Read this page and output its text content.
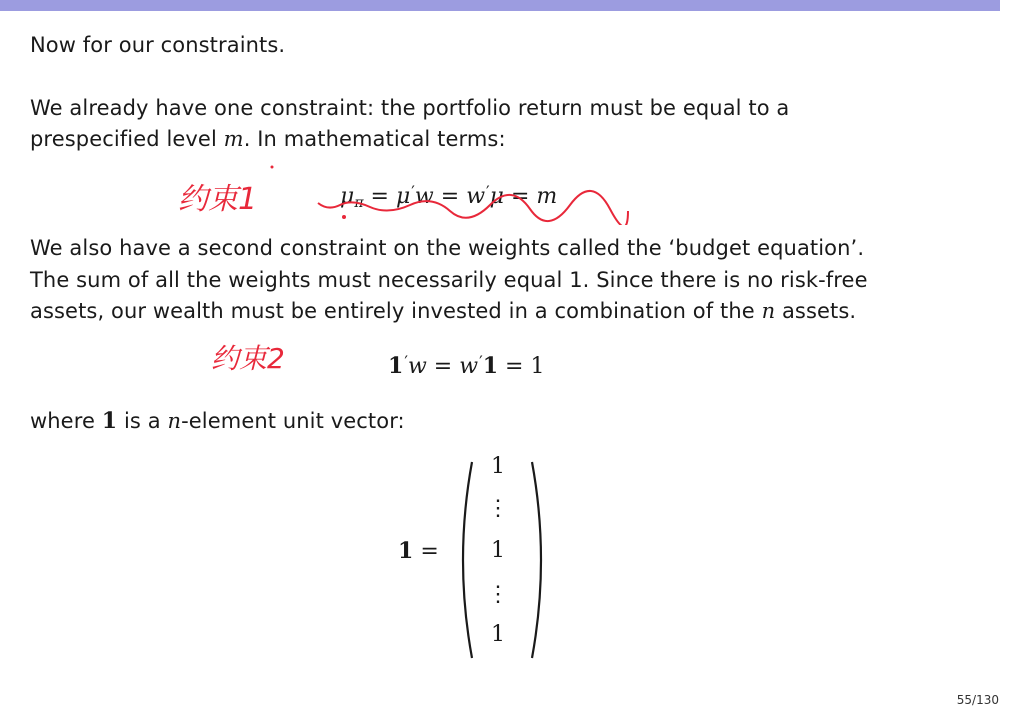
Now for our constraints.
We already have one constraint: the portfolio return must be equal to a
prespecified level m. In mathematical terms:
$\mu_\pi = \mu'w = w'\mu = m$
We also have a second constraint on the weights called the ‘budget equation’.
The sum of all the weights must necessarily equal 1. Since there is no risk-free
assets, our wealth must be entirely invested in a combination of the n assets.
1′w = w′1 = 1
where 1 is a n-element unit vector:
1 =
1
⋮
1
⋮
1
约束1
约束2
55/130
